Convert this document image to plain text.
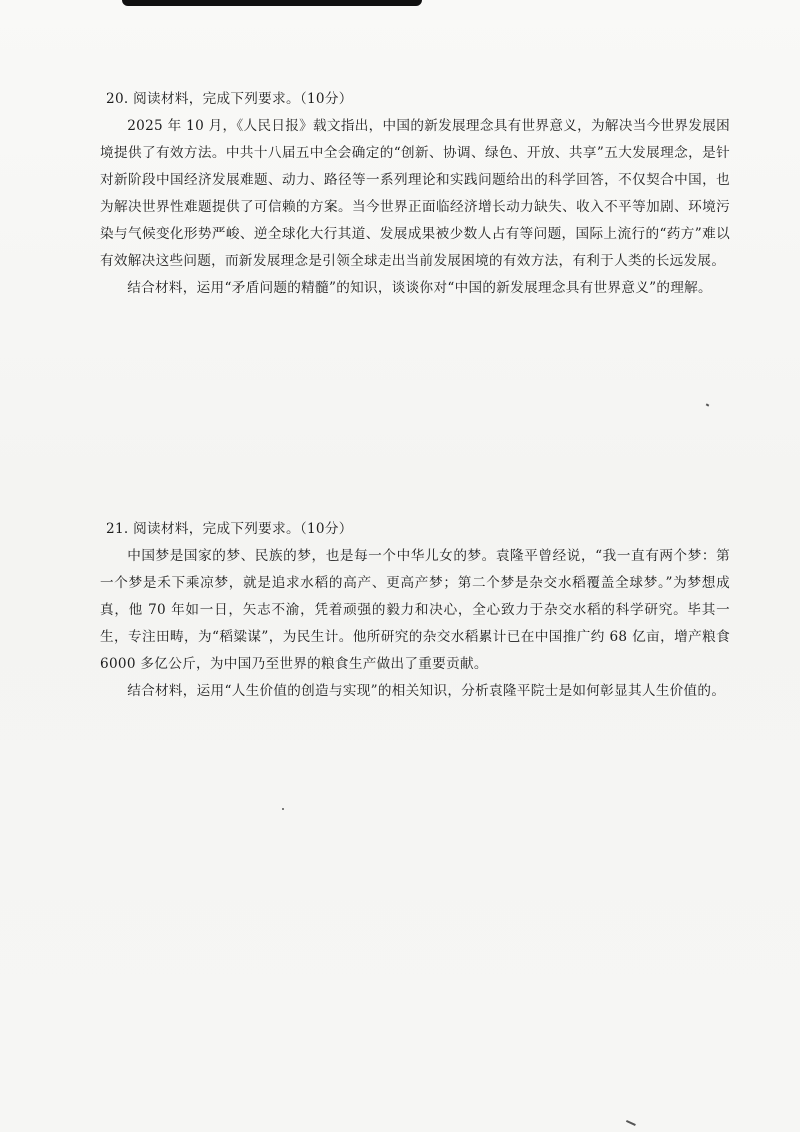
20. 阅读材料，完成下列要求。（10分）

2025 年 10 月，《人民日报》载文指出，中国的新发展理念具有世界意义，为解决当今世界发展困境提供了有效方法。中共十八届五中全会确定的“创新、协调、绿色、开放、共享”五大发展理念，是针对新阶段中国经济发展难题、动力、路径等一系列理论和实践问题给出的科学回答，不仅契合中国，也为解决世界性难题提供了可信赖的方案。当今世界正面临经济增长动力缺失、收入不平等加剧、环境污染与气候变化形势严峻、逆全球化大行其道、发展成果被少数人占有等问题，国际上流行的“药方”难以有效解决这些问题，而新发展理念是引领全球走出当前发展困境的有效方法，有利于人类的长远发展。

结合材料，运用“矛盾问题的精髓”的知识，谈谈你对“中国的新发展理念具有世界意义”的理解。

21. 阅读材料，完成下列要求。（10分）

中国梦是国家的梦、民族的梦，也是每一个中华儿女的梦。袁隆平曾经说，“我一直有两个梦：第一个梦是禾下乘凉梦，就是追求水稻的高产、更高产梦；第二个梦是杂交水稻覆盖全球梦。”为梦想成真，他 70 年如一日，矢志不渝，凭着顽强的毅力和决心，全心致力于杂交水稻的科学研究。毕其一生，专注田畴，为“稻粱谋”，为民生计。他所研究的杂交水稻累计已在中国推广约 68 亿亩，增产粮食 6000 多亿公斤，为中国乃至世界的粮食生产做出了重要贡献。

结合材料，运用“人生价值的创造与实现”的相关知识，分析袁隆平院士是如何彰显其人生价值的。
